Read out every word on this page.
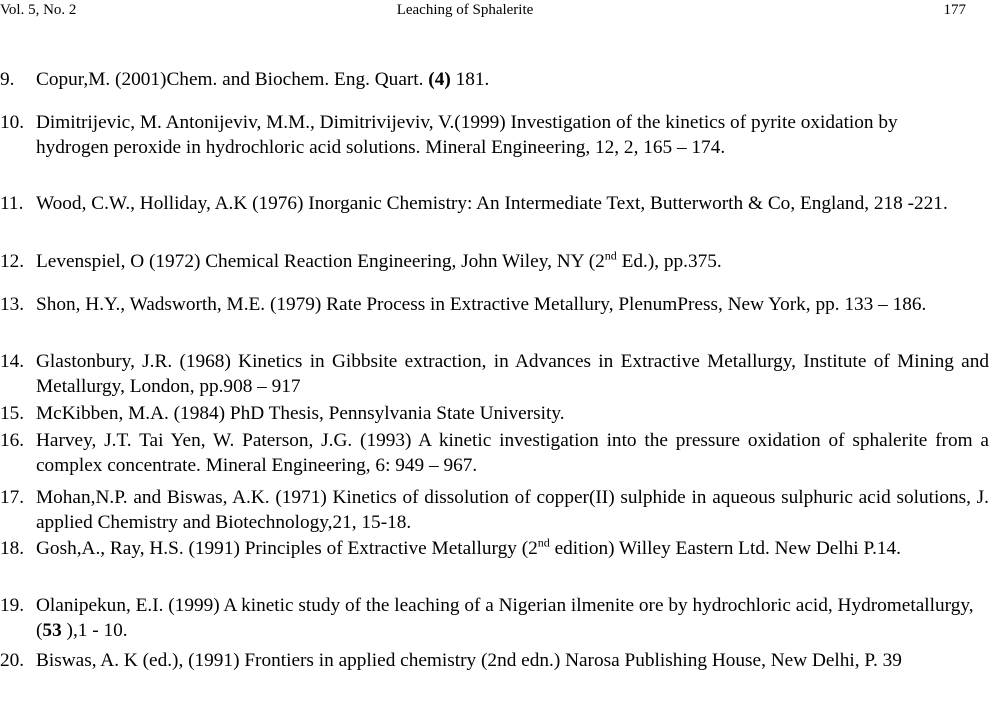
Vol. 5, No. 2	Leaching of Sphalerite	177
9.	Copur,M. (2001)Chem. and Biochem. Eng. Quart. (4) 181.
10. Dimitrijevic, M. Antonijeviv, M.M., Dimitrivijeviv, V.(1999) Investigation of the kinetics of pyrite oxidation by hydrogen peroxide in hydrochloric acid solutions. Mineral Engineering, 12, 2, 165 – 174.
11. Wood, C.W., Holliday, A.K (1976) Inorganic Chemistry: An Intermediate Text, Butterworth & Co, England, 218 -221.
12. Levenspiel, O (1972) Chemical Reaction Engineering, John Wiley, NY (2nd Ed.), pp.375.
13. Shon, H.Y., Wadsworth, M.E. (1979) Rate Process in Extractive Metallury, PlenumPress, New York, pp. 133 – 186.
14. Glastonbury, J.R. (1968) Kinetics in Gibbsite extraction, in Advances in Extractive Metallurgy, Institute of Mining and Metallurgy, London, pp.908 – 917
15. McKibben, M.A. (1984) PhD Thesis, Pennsylvania State University.
16. Harvey, J.T. Tai Yen, W. Paterson, J.G. (1993) A kinetic investigation into the pressure oxidation of sphalerite from a complex concentrate. Mineral Engineering, 6: 949 – 967.
17. Mohan,N.P. and Biswas, A.K. (1971) Kinetics of dissolution of copper(II) sulphide in aqueous sulphuric acid solutions, J. applied Chemistry and Biotechnology,21, 15-18.
18. Gosh,A., Ray, H.S. (1991) Principles of Extractive Metallurgy (2nd edition) Willey Eastern Ltd. New Delhi P.14.
19. Olanipekun, E.I. (1999) A kinetic study of the leaching of a Nigerian ilmenite ore by hydrochloric acid, Hydrometallurgy, (53 ),1 - 10.
20. Biswas, A. K (ed.), (1991) Frontiers in applied chemistry (2nd edn.) Narosa Publishing House, New Delhi, P. 39
